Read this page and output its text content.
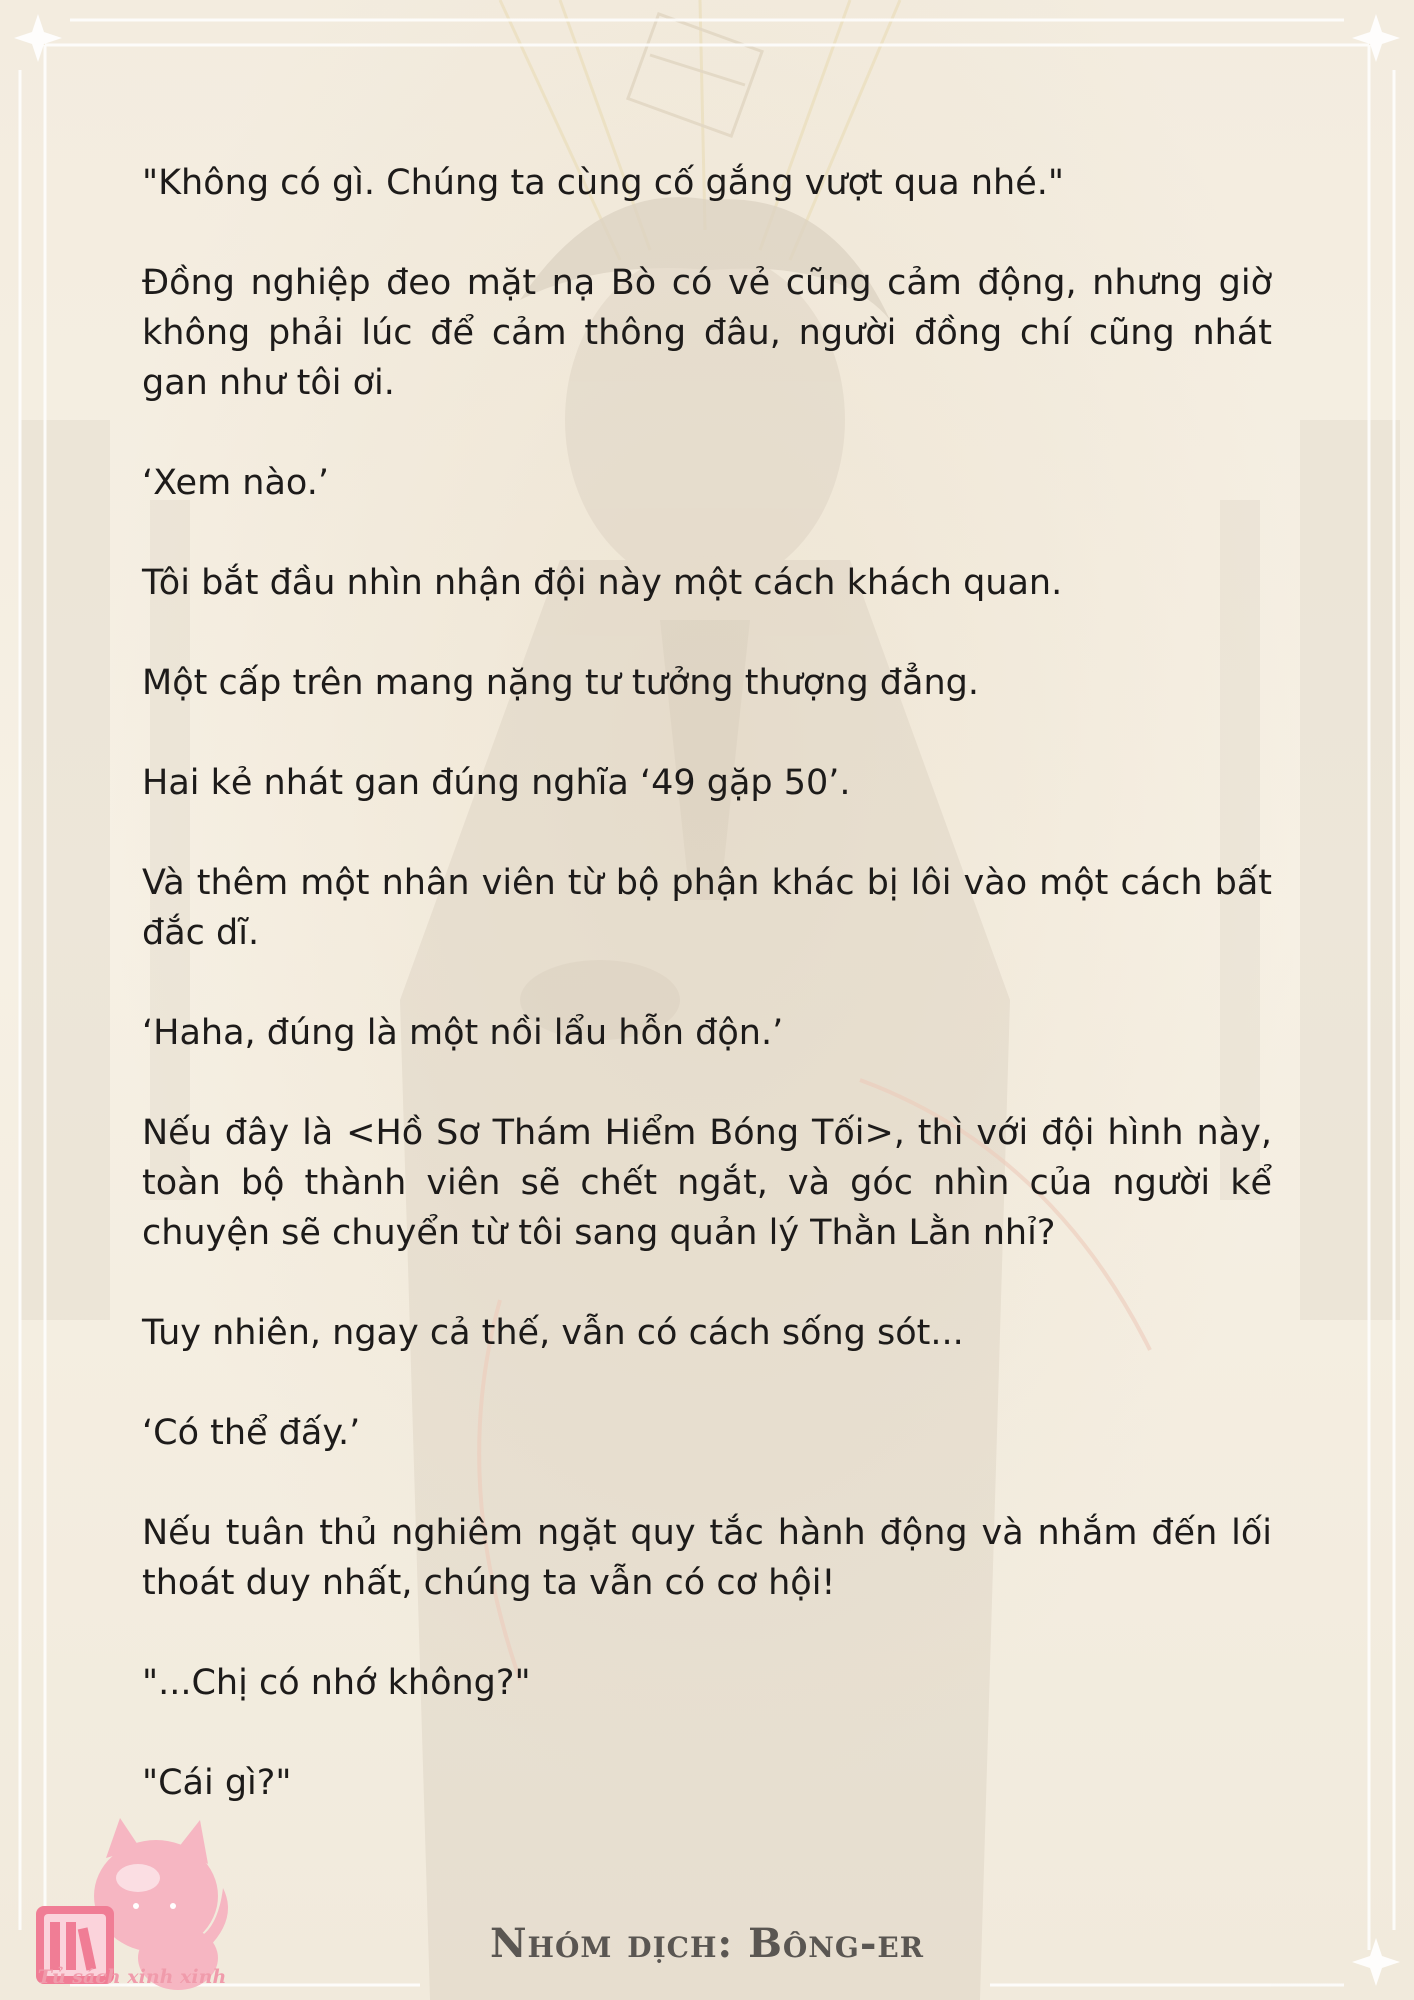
"Không có gì. Chúng ta cùng cố gắng vượt qua nhé."

Đồng nghiệp đeo mặt nạ Bò có vẻ cũng cảm động, nhưng giờ không phải lúc để cảm thông đâu, người đồng chí cũng nhát gan như tôi ơi.

‘Xem nào.’

Tôi bắt đầu nhìn nhận đội này một cách khách quan.

Một cấp trên mang nặng tư tưởng thượng đẳng.

Hai kẻ nhát gan đúng nghĩa ‘49 gặp 50’.

Và thêm một nhân viên từ bộ phận khác bị lôi vào một cách bất đắc dĩ.

‘Haha, đúng là một nồi lẩu hỗn độn.’

Nếu đây là <Hồ Sơ Thám Hiểm Bóng Tối>, thì với đội hình này, toàn bộ thành viên sẽ chết ngắt, và góc nhìn của người kể chuyện sẽ chuyển từ tôi sang quản lý Thằn Lằn nhỉ?

Tuy nhiên, ngay cả thế, vẫn có cách sống sót...

‘Có thể đấy.’

Nếu tuân thủ nghiêm ngặt quy tắc hành động và nhắm đến lối thoát duy nhất, chúng ta vẫn có cơ hội!

"...Chị có nhớ không?"

"Cái gì?"

Tủ sách xinh xinh
Nhóm dịch: Bông-er
